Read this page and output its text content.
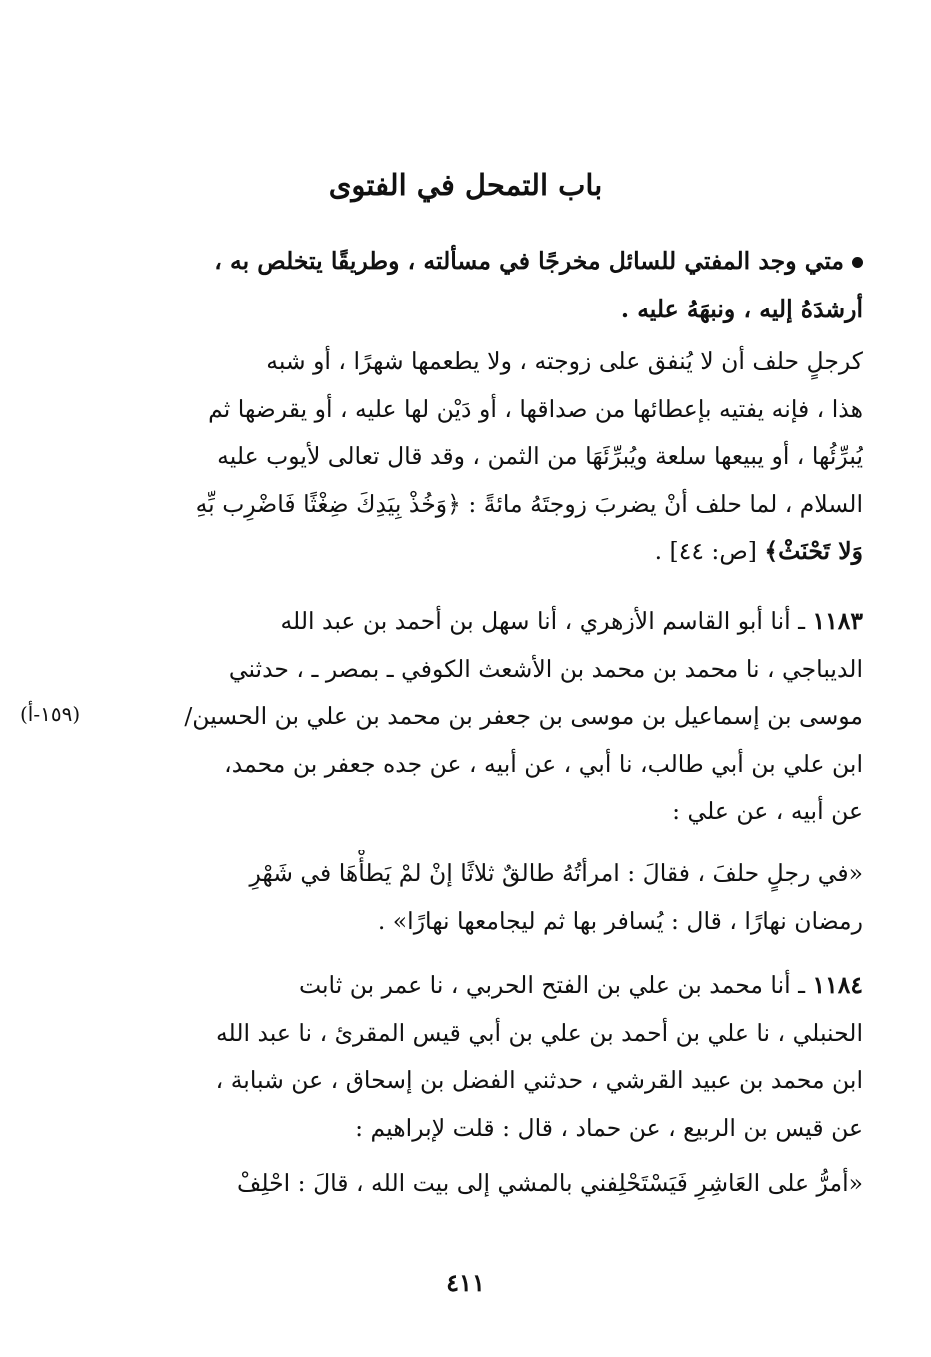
باب التمحل في الفتوى
متي وجد المفتي للسائل مخرجًا في مسألته ، وطريقًا يتخلص به ،
أرشدَهُ إليه ، ونبهَهُ عليه .
كرجلٍ حلف أن لا يُنفق على زوجته ، ولا يطعمها شهرًا ، أو شبه
هذا ، فإنه يفتيه بإعطائها من صداقها ، أو دَيْن لها عليه ، أو يقرضها ثم
يُبرِّئُها ، أو يبيعها سلعة ويُبرِّئَهَا من الثمن ، وقد قال تعالى لأيوب عليه
السلام ، لما حلف أنْ يضربَ زوجتَهُ مائةً : ﴿وَخُذْ بِيَدِكَ ضِغْثًا فَاضْرِب بِّهِ
وَلا تَحْنَثْ﴾ [ص: ٤٤] .
١١٨٣ ـ أنا أبو القاسم الأزهري ، أنا سهل بن أحمد بن عبد الله
الديباجي ، نا محمد بن محمد بن الأشعث الكوفي ـ بمصر ـ ، حدثني
موسى بن إسماعيل بن موسى بن جعفر بن محمد بن علي بن الحسين/
ابن علي بن أبي طالب، نا أبي ، عن أبيه ، عن جده جعفر بن محمد،
عن أبيه ، عن علي :
(١٥٩-أ)
«في رجلٍ حلفَ ، فقالَ : امرأتُهُ طالقٌ ثلاثًا إنْ لمْ يَطأْهَا في شَهْرِ
رمضان نهارًا ، قال : يُسافر بها ثم ليجامعها نهارًا» .
١١٨٤ ـ أنا محمد بن علي بن الفتح الحربي ، نا عمر بن ثابت
الحنبلي ، نا علي بن أحمد بن علي بن أبي قيس المقرئ ، نا عبد الله
ابن محمد بن عبيد القرشي ، حدثني الفضل بن إسحاق ، عن شبابة ،
عن قيس بن الربيع ، عن حماد ، قال : قلت لإبراهيم :
«أمرُّ على العَاشِرِ فَيَسْتَحْلِفني بالمشي إلى بيت الله ، قالَ : احْلِفْ
٤١١
